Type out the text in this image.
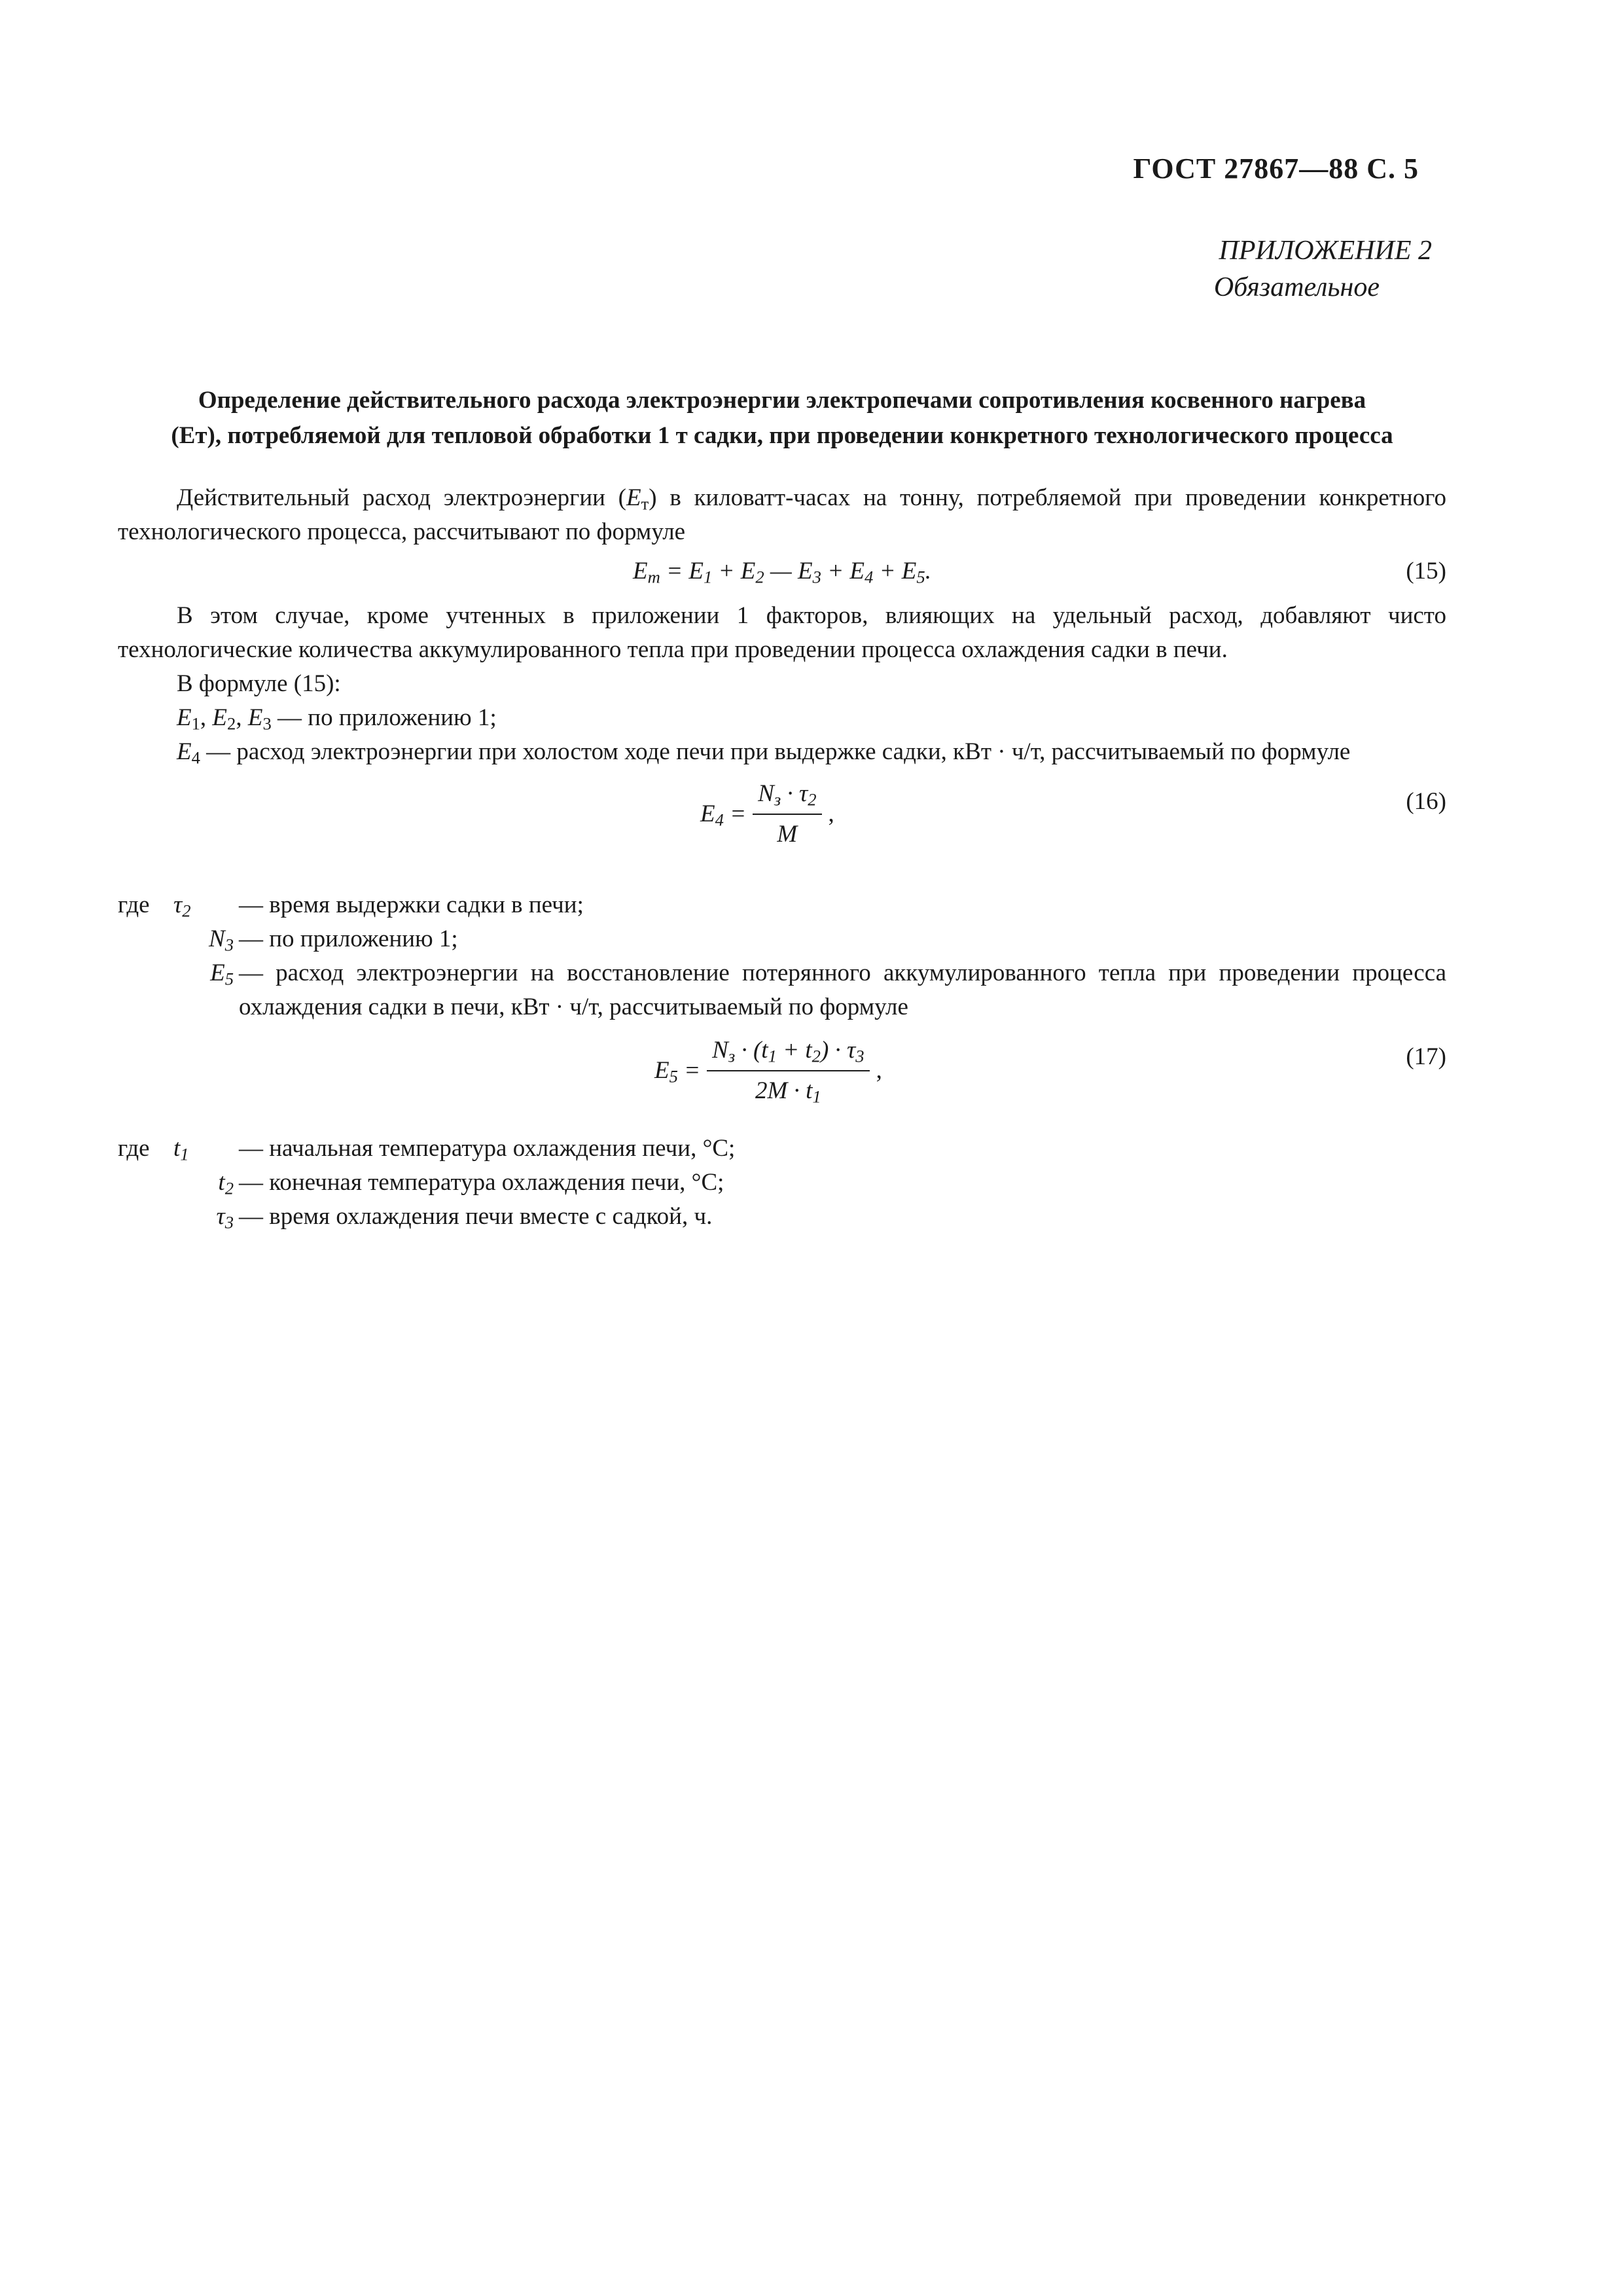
ГОСТ 27867—88 С. 5
ПРИЛОЖЕНИЕ 2
Обязательное
Определение действительного расхода электроэнергии электропечами сопротивления косвенного нагрева
(Eт), потребляемой для тепловой обработки 1 т садки, при проведении конкретного технологического процесса

Действительный расход электроэнергии $(E_т)$ в киловатт-часах на тонну, потребляемой при проведении конкретного технологического процесса, рассчитывают по формуле

$E_т = E_1 + E_2$ — $E_3 + E_4 + E_5$.	(15)

В этом случае, кроме учтенных в приложении 1 факторов, влияющих на удельный расход, добавляют чисто технологические количества аккумулированного тепла при проведении процесса охлаждения садки в печи.

В формуле (15):

$E_1$, $E_2$, $E_3$ — по приложению 1;

$E_4$ — расход электроэнергии при холостом ходе печи при выдержке садки, кВт · ч/т, рассчитываемый по формуле

$E_4 = \frac{N_з \cdot \tau_2}{M}$ ,	(16)
где $\tau_2$	— время выдержки садки в печи;
$N_3$ — по приложению 1;
$E_5$ — расход электроэнергии на восстановление потерянного аккумулированного тепла при проведении процесса охлаждения садки в печи, кВт · ч/т, рассчитываемый по формуле
$E_5 = \frac{N_з \cdot (t_1 + t_2) \cdot \tau_3}{2M \cdot t_1}$ ,
(17)
где $t_1$	— начальная температура охлаждения печи, °С;
$t_2$ — конечная температура охлаждения печи, °С;
$\tau_3$ — время охлаждения печи вместе с садкой, ч.
